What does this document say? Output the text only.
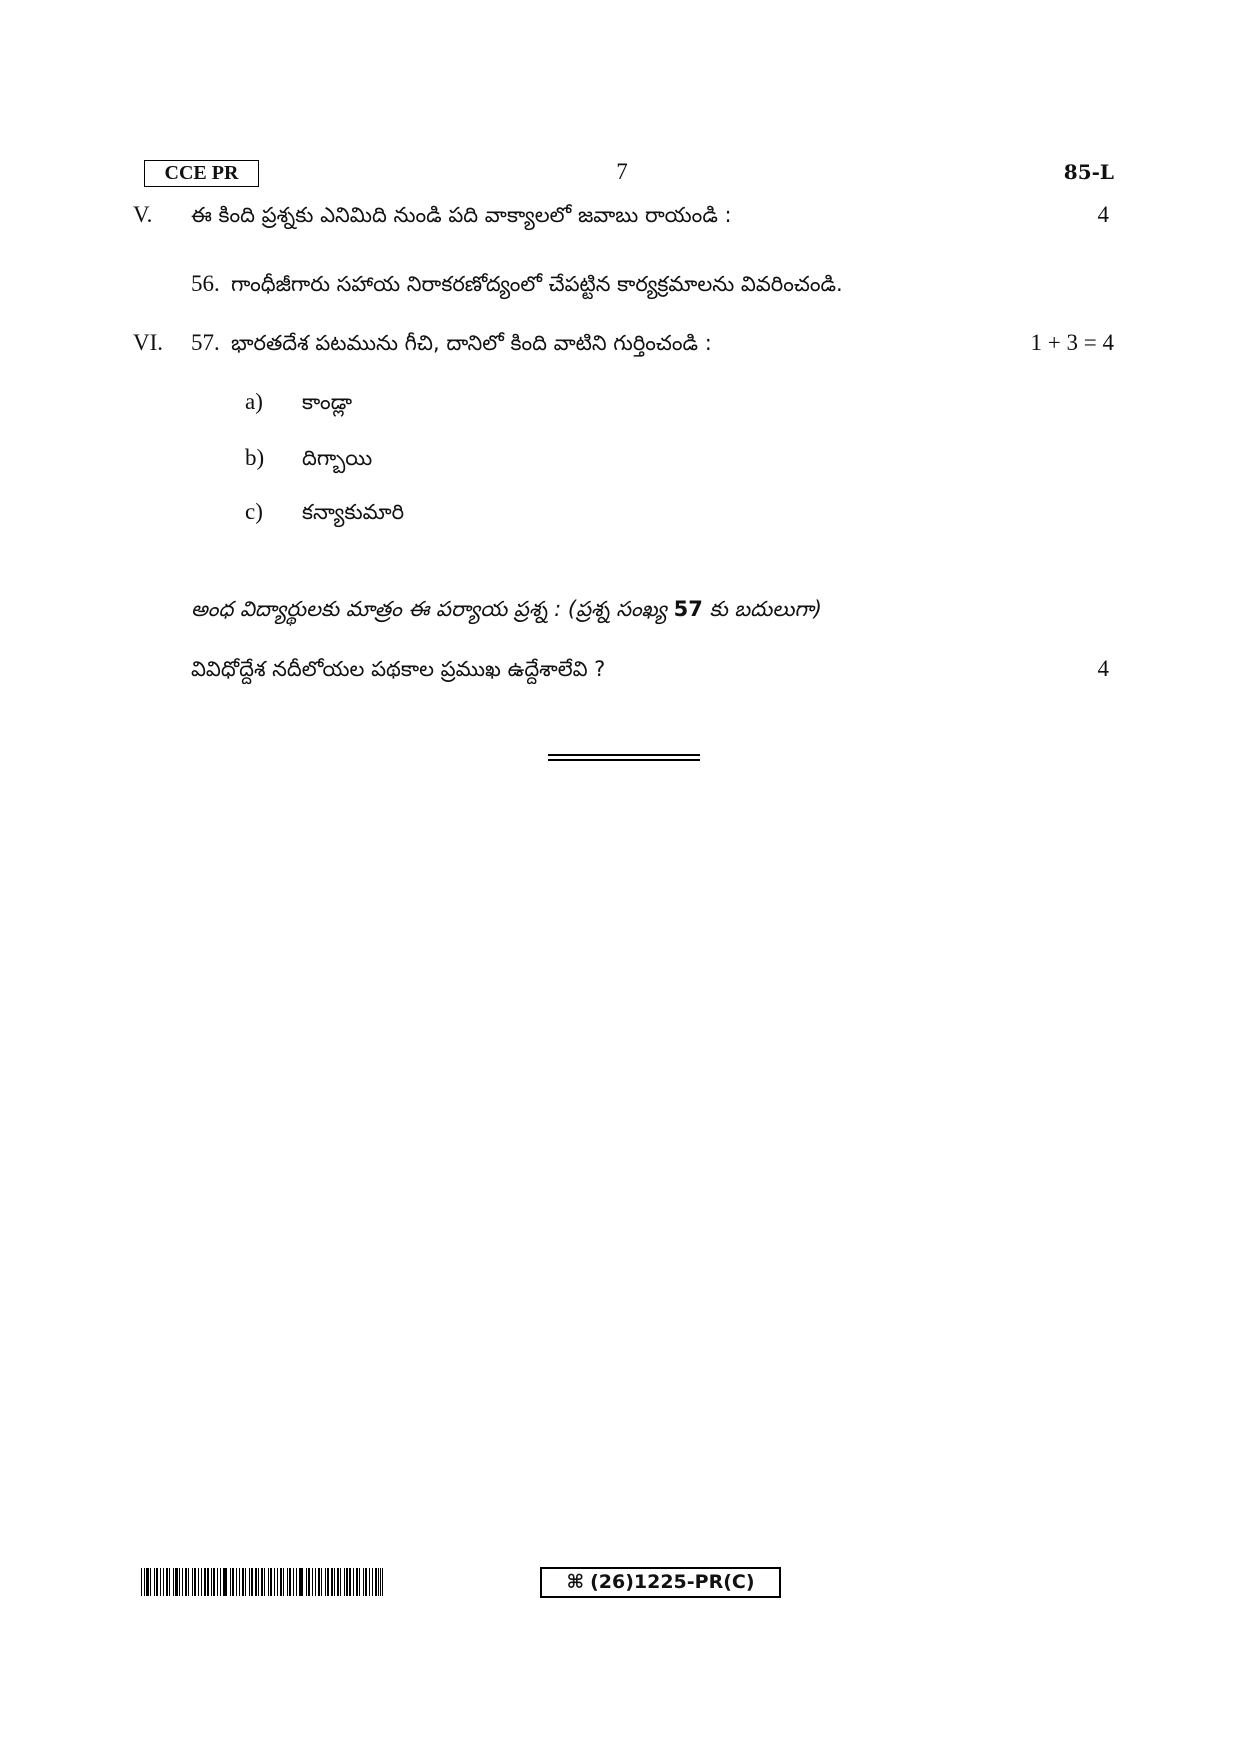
CCE PR	7	85-L
V. ఈ కింది ప్రశ్నకు ఎనిమిది నుండి పది వాక్యాలలో జవాబు రాయండి :	4
56. గాంధీజీగారు సహాయ నిరాకరణోద్యంలో చేపట్టిన కార్యక్రమాలను వివరించండి.
VI. 57. భారతదేశ పటమును గీచి, దానిలో కింది వాటిని గుర్తించండి :	1 + 3 = 4
a) కాండ్లా
b) దిగ్బాయి
c) కన్యాకుమారి
అంధ విద్యార్థులకు మాత్రం ఈ పర్యాయ ప్రశ్న : (ప్రశ్న సంఖ్య 57 కు బదులుగా)
వివిధోద్దేశ నదీలోయల పథకాల ప్రముఖ ఉద్దేశాలేవి ?	4
⌘ (26)1225-PR(C)
